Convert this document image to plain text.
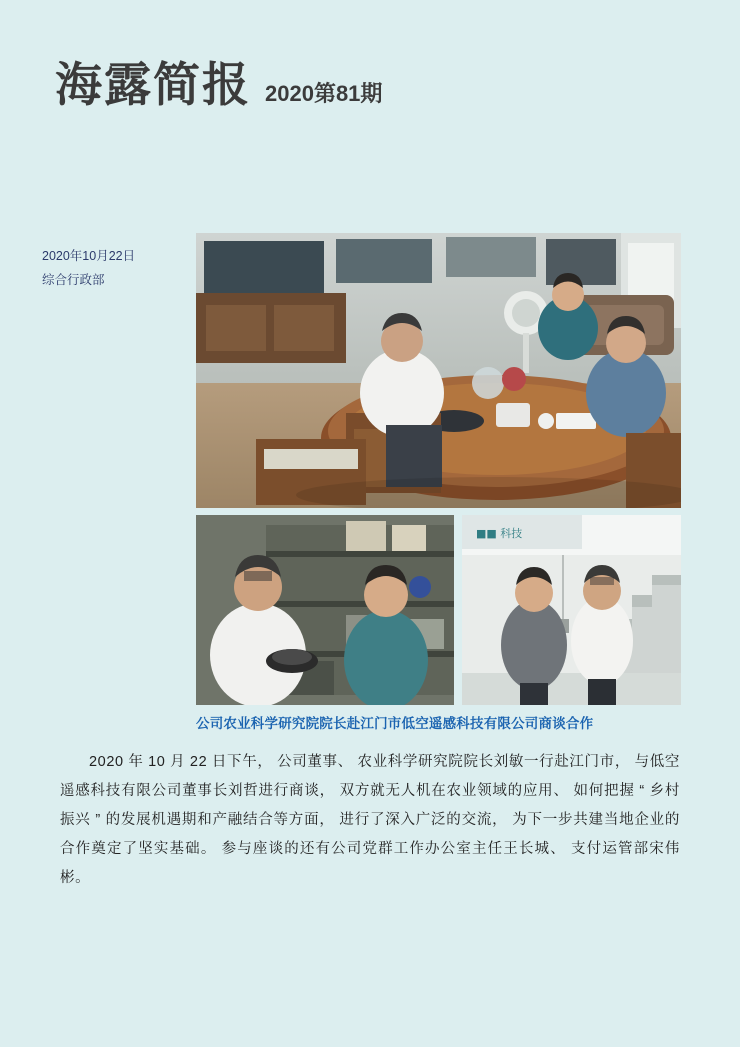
海露简报 2020第81期
2020年10月22日
综合行政部
■■ 科技
公司农业科学研究院院长赴江门市低空遥感科技有限公司商谈合作
2020 年 10 月 22 日下午， 公司董事、 农业科学研究院院长刘敏一行赴江门市， 与低空遥感科技有限公司董事长刘哲进行商谈， 双方就无人机在农业领域的应用、 如何把握 “ 乡村振兴 ” 的发展机遇期和产融结合等方面， 进行了深入广泛的交流， 为下一步共建当地企业的合作奠定了坚实基础。 参与座谈的还有公司党群工作办公室主任王长城、 支付运管部宋伟彬。
